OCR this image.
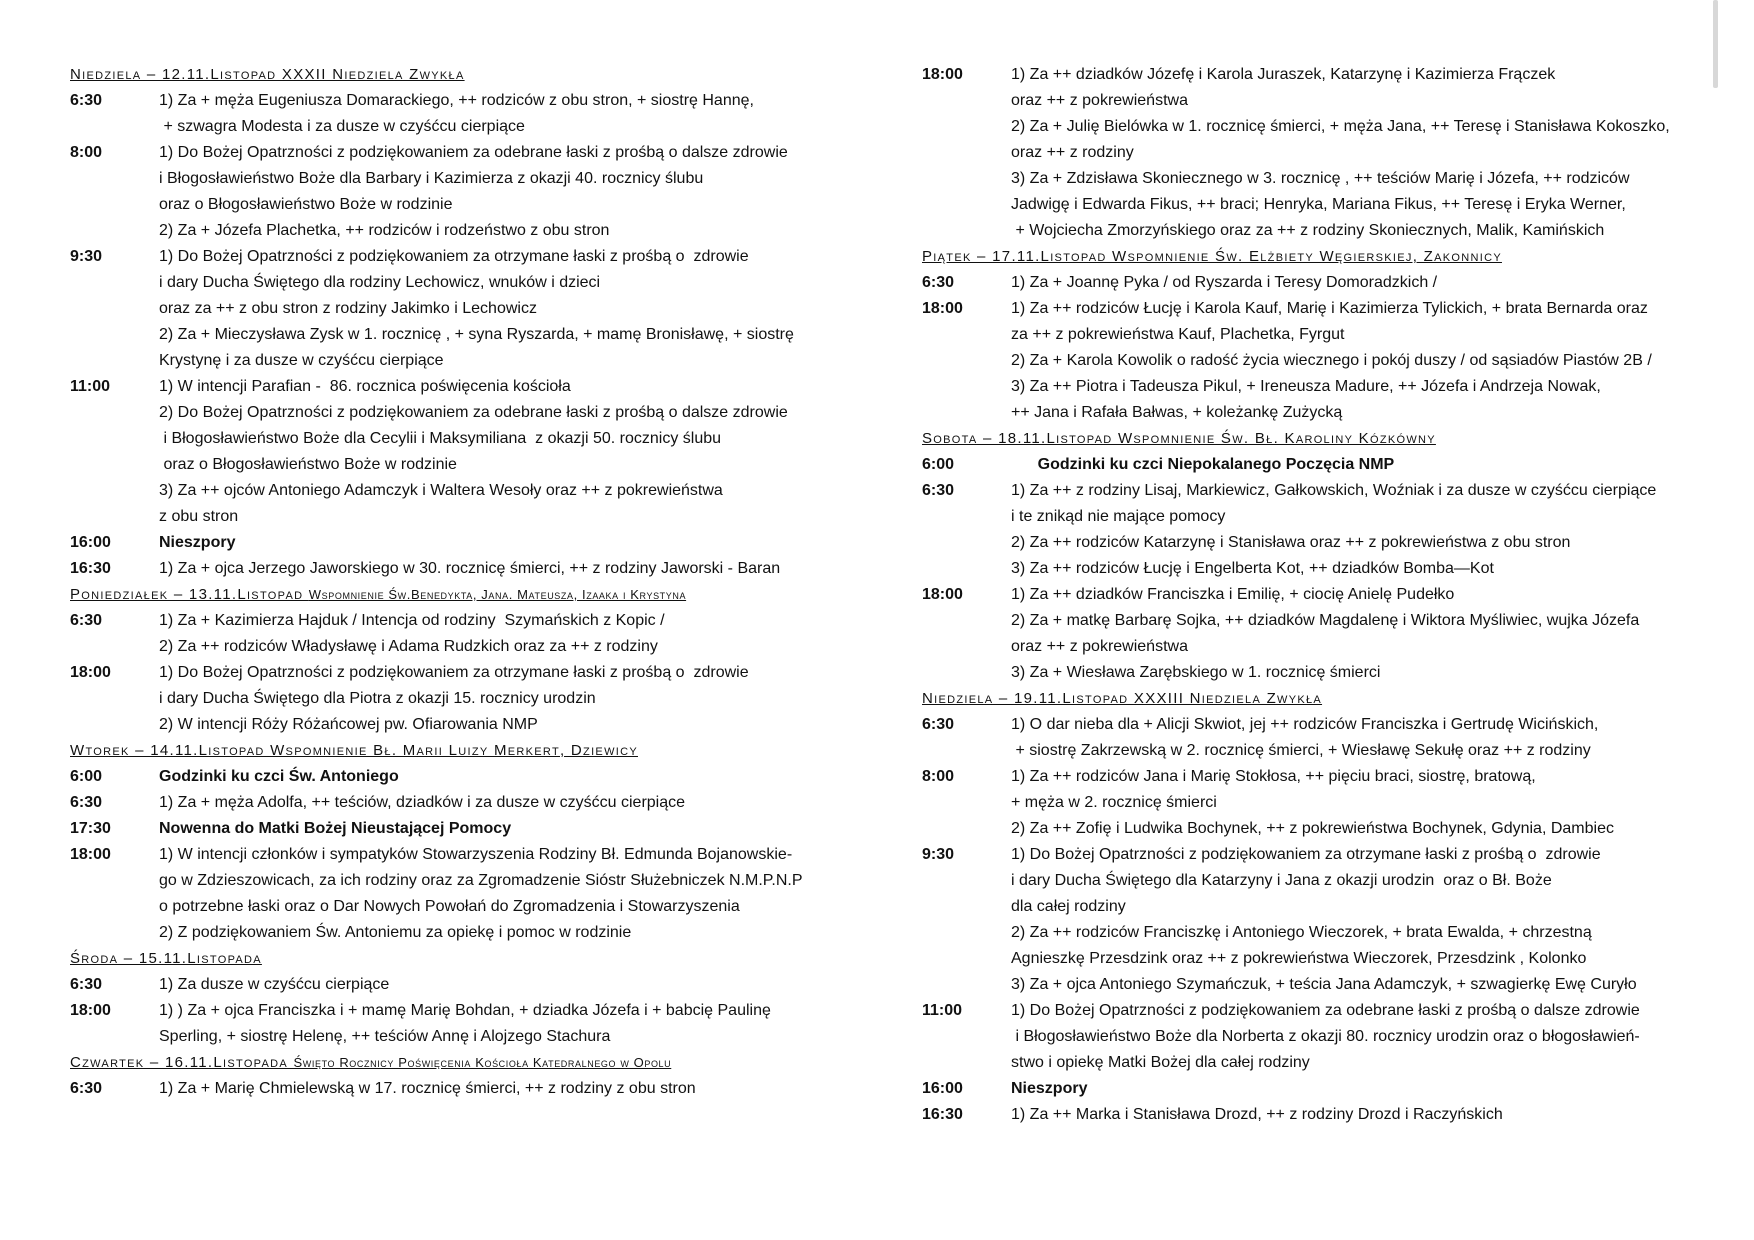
Niedziela – 12.11.Listopad XXXII Niedziela Zwykła
6:30	1) Za + męża Eugeniusza Domarackiego, ++ rodziców z obu stron, + siostrę Hannę,
+ szwagra Modesta i za dusze w czyśćcu cierpiące
8:00	1) Do Bożej Opatrzności z podziękowaniem za odebrane łaski z prośbą o dalsze zdrowie
i Błogosławieństwo Boże dla Barbary i Kazimierza z okazji 40. rocznicy ślubu
oraz o Błogosławieństwo Boże w rodzinie
2) Za + Józefa Plachetka, ++ rodziców i rodzeństwo z obu stron
9:30	1) Do Bożej Opatrzności z podziękowaniem za otrzymane łaski z prośbą o  zdrowie
i dary Ducha Świętego dla rodziny Lechowicz, wnuków i dzieci
oraz za ++ z obu stron z rodziny Jakimko i Lechowicz
2) Za + Mieczysława Zysk w 1. rocznicę , + syna Ryszarda, + mamę Bronisławę, + siostrę
Krystynę i za dusze w czyśćcu cierpiące
11:00	1) W intencji Parafian -  86. rocznica poświęcenia kościoła
2) Do Bożej Opatrzności z podziękowaniem za odebrane łaski z prośbą o dalsze zdrowie
i Błogosławieństwo Boże dla Cecylii i Maksymiliana  z okazji 50. rocznicy ślubu
oraz o Błogosławieństwo Boże w rodzinie
3) Za ++ ojców Antoniego Adamczyk i Waltera Wesoły oraz ++ z pokrewieństwa
z obu stron
16:00	Nieszpory
16:30	1) Za + ojca Jerzego Jaworskiego w 30. rocznicę śmierci, ++ z rodziny Jaworski - Baran
Poniedziałek – 13.11.Listopad Wspomnienie Św.Benedykta, Jana. Mateusza, Izaaka i Krystyna
6:30	1) Za + Kazimierza Hajduk / Intencja od rodziny  Szymańskich z Kopic /
2) Za ++ rodziców Władysławę i Adama Rudzkich oraz za ++ z rodziny
18:00	1) Do Bożej Opatrzności z podziękowaniem za otrzymane łaski z prośbą o  zdrowie
i dary Ducha Świętego dla Piotra z okazji 15. rocznicy urodzin
2) W intencji Róży Różańcowej pw. Ofiarowania NMP
Wtorek – 14.11.Listopad Wspomnienie Bł. Marii Luizy Merkert, Dziewicy
6:00	Godzinki ku czci Św. Antoniego
6:30	1) Za + męża Adolfa, ++ teściów, dziadków i za dusze w czyśćcu cierpiące
17:30	Nowenna do Matki Bożej Nieustającej Pomocy
18:00	1) W intencji członków i sympatyków Stowarzyszenia Rodziny Bł. Edmunda Bojanowskie-
go w Zdzieszowicach, za ich rodziny oraz za Zgromadzenie Sióstr Służebniczek N.M.P.N.P
o potrzebne łaski oraz o Dar Nowych Powołań do Zgromadzenia i Stowarzyszenia
2) Z podziękowaniem Św. Antoniemu za opiekę i pomoc w rodzinie
Środa – 15.11.Listopada
6:30	1) Za dusze w czyśćcu cierpiące
18:00	1) ) Za + ojca Franciszka i + mamę Marię Bohdan, + dziadka Józefa i + babcię Paulinę
Sperling, + siostrę Helenę, ++ teściów Annę i Alojzego Stachura
Czwartek – 16.11.Listopada Święto Rocznicy Poświęcenia Kościoła Katedralnego w Opolu
6:30	1) Za + Marię Chmielewską w 17. rocznicę śmierci, ++ z rodziny z obu stron
18:00	1) Za ++ dziadków Józefę i Karola Juraszek, Katarzynę i Kazimierza Frączek
oraz ++ z pokrewieństwa
2) Za + Julię Bielówka w 1. rocznicę śmierci, + męża Jana, ++ Teresę i Stanisława Kokoszko,
oraz ++ z rodziny
3) Za + Zdzisława Skoniecznego w 3. rocznicę , ++ teściów Marię i Józefa, ++ rodziców
Jadwigę i Edwarda Fikus, ++ braci; Henryka, Mariana Fikus, ++ Teresę i Eryka Werner,
+ Wojciecha Zmorzyńskiego oraz za ++ z rodziny Skoniecznych, Malik, Kamińskich
Piątek – 17.11.Listopad Wspomnienie Św. Elżbiety Węgierskiej, Zakonnicy
6:30	1) Za + Joannę Pyka / od Ryszarda i Teresy Domoradzkich /
18:00	1) Za ++ rodziców Łucję i Karola Kauf, Marię i Kazimierza Tylickich, + brata Bernarda oraz
za ++ z pokrewieństwa Kauf, Plachetka, Fyrgut
2) Za + Karola Kowolik o radość życia wiecznego i pokój duszy / od sąsiadów Piastów 2B /
3) Za ++ Piotra i Tadeusza Pikul, + Ireneusza Madure, ++ Józefa i Andrzeja Nowak,
++ Jana i Rafała Bałwas, + koleżankę Zużycką
Sobota – 18.11.Listopad Wspomnienie Św. Bł. Karoliny Kózkówny
6:00	Godzinki ku czci Niepokalanego Poczęcia NMP
6:30	1) Za ++ z rodziny Lisaj, Markiewicz, Gałkowskich, Woźniak i za dusze w czyśćcu cierpiące
i te znikąd nie mające pomocy
2) Za ++ rodziców Katarzynę i Stanisława oraz ++ z pokrewieństwa z obu stron
3) Za ++ rodziców Łucję i Engelberta Kot, ++ dziadków Bomba—Kot
18:00	1) Za ++ dziadków Franciszka i Emilię, + ciocię Anielę Pudełko
2) Za + matkę Barbarę Sojka, ++ dziadków Magdalenę i Wiktora Myśliwiec, wujka Józefa
oraz ++ z pokrewieństwa
3) Za + Wiesława Zarębskiego w 1. rocznicę śmierci
Niedziela – 19.11.Listopad XXXIII Niedziela Zwykła
6:30	1) O dar nieba dla + Alicji Skwiot, jej ++ rodziców Franciszka i Gertrudę Wicińskich,
+ siostrę Zakrzewską w 2. rocznicę śmierci, + Wiesławę Sekułę oraz ++ z rodziny
8:00	1) Za ++ rodziców Jana i Marię Stokłosa, ++ pięciu braci, siostrę, bratową,
+ męża w 2. rocznicę śmierci
2) Za ++ Zofię i Ludwika Bochynek, ++ z pokrewieństwa Bochynek, Gdynia, Dambiec
9:30	1) Do Bożej Opatrzności z podziękowaniem za otrzymane łaski z prośbą o  zdrowie
i dary Ducha Świętego dla Katarzyny i Jana z okazji urodzin  oraz o Bł. Boże
dla całej rodziny
2) Za ++ rodziców Franciszkę i Antoniego Wieczorek, + brata Ewalda, + chrzestną
Agnieszkę Przesdzink oraz ++ z pokrewieństwa Wieczorek, Przesdzink , Kolonko
3) Za + ojca Antoniego Szymańczuk, + teścia Jana Adamczyk, + szwagierkę Ewę Curyło
11:00	1) Do Bożej Opatrzności z podziękowaniem za odebrane łaski z prośbą o dalsze zdrowie
i Błogosławieństwo Boże dla Norberta z okazji 80. rocznicy urodzin oraz o błogosławień-
stwo i opiekę Matki Bożej dla całej rodziny
16:00	Nieszpory
16:30	1) Za ++ Marka i Stanisława Drozd, ++ z rodziny Drozd i Raczyńskich
